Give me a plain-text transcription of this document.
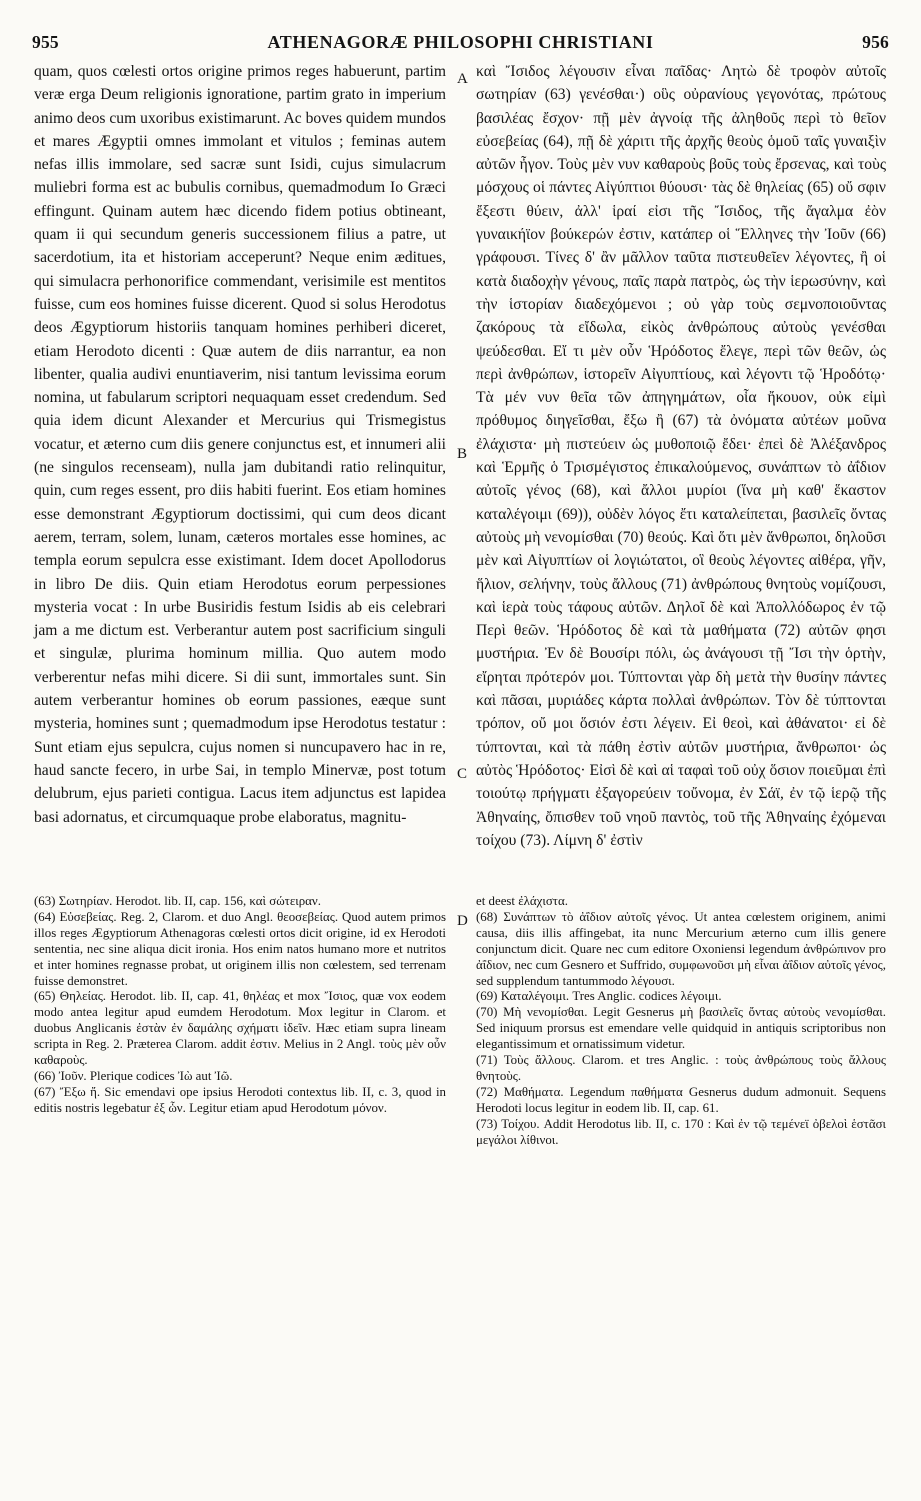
955	ATHENAGORÆ PHILOSOPHI CHRISTIANI	956

quam, quos cœlesti ortos origine primos reges habuerunt, partim veræ erga Deum religionis ignoratione, partim grato in imperium animo deos cum uxoribus existimarunt. Ac boves quidem mundos et mares Ægyptii omnes immolant et vitulos ; feminas autem nefas illis immolare, sed sacræ sunt Isidi, cujus simulacrum muliebri forma est ac bubulis cornibus, quemadmodum Io Græci effingunt. Quinam autem hæc dicendo fidem potius obtineant, quam ii qui secundum generis successionem filius a patre, ut sacerdotium, ita et historiam acceperunt? Neque enim æditues, qui simulacra perhonorifice commendant, verisimile est mentitos fuisse, cum eos homines fuisse dicerent. Quod si solus Herodotus deos Ægyptiorum historiis tanquam homines perhiberi diceret, etiam Herodoto dicenti : Quæ autem de diis narrantur, ea non libenter, qualia audivi enuntiaverim, nisi tantum levissima eorum nomina, ut fabularum scriptori nequaquam esset credendum. Sed quia idem dicunt Alexander et Mercurius qui Trismegistus vocatur, et æterno cum diis genere conjunctus est, et innumeri alii (ne singulos recenseam), nulla jam dubitandi ratio relinquitur, quin, cum reges essent, pro diis habiti fuerint. Eos etiam homines esse demonstrant Ægyptiorum doctissimi, qui cum deos dicant aerem, terram, solem, lunam, cæteros mortales esse homines, ac templa eorum sepulcra esse existimant. Idem docet Apollodorus in libro De diis. Quin etiam Herodotus eorum perpessiones mysteria vocat : In urbe Busiridis festum Isidis ab eis celebrari jam a me dictum est. Verberantur autem post sacrificium singuli et singulæ, plurima hominum millia. Quo autem modo verberentur nefas mihi dicere. Si dii sunt, immortales sunt. Sin autem verberantur homines ob eorum passiones, eæque sunt mysteria, homines sunt ; quemadmodum ipse Herodotus testatur : Sunt etiam ejus sepulcra, cujus nomen si nuncupavero hac in re, haud sancte fecero, in urbe Sai, in templo Minervæ, post totum delubrum, ejus parieti contigua. Lacus item adjunctus est lapidea basi adornatus, et circumquaque probe elaboratus, magnitu-

καὶ Ἴσιδος λέγουσιν εἶναι παῖδας· Λητὼ δὲ τροφὸν αὐτοῖς σωτηρίαν (63) γενέσθαι·) οὓς οὐρανίους γεγονότας, πρώτους βασιλέας ἔσχον· πῇ μὲν ἀγνοίᾳ τῆς ἀληθοῦς περὶ τὸ θεῖον εὐσεβείας (64), πῇ δὲ χάριτι τῆς ἀρχῆς θεοὺς ὁμοῦ ταῖς γυναιξὶν αὐτῶν ἦγον. Τοὺς μὲν νυν καθαροὺς βοῦς τοὺς ἔρσενας, καὶ τοὺς μόσχους οἱ πάντες Αἰγύπτιοι θύουσι· τὰς δὲ θηλείας (65) οὔ σφιν ἔξεστι θύειν, ἀλλ' ἱραί εἰσι τῆς Ἴσιδος, τῆς ἄγαλμα ἐὸν γυναικήϊον βούκερών ἐστιν, κατάπερ οἱ Ἕλληνες τὴν Ἰοῦν (66) γράφουσι. Τίνες δ' ἂν μᾶλλον ταῦτα πιστευθεῖεν λέγοντες, ἢ οἱ κατὰ διαδοχὴν γένους, παῖς παρὰ πατρὸς, ὡς τὴν ἱερωσύνην, καὶ τὴν ἱστορίαν διαδεχόμενοι ; οὐ γὰρ τοὺς σεμνοποιοῦντας ζακόρους τὰ εἴδωλα, εἰκὸς ἀνθρώπους αὐτοὺς γενέσθαι ψεύδεσθαι. Εἴ τι μὲν οὖν Ἡρόδοτος ἔλεγε, περὶ τῶν θεῶν, ὡς περὶ ἀνθρώπων, ἱστορεῖν Αἰγυπτίους, καὶ λέγοντι τῷ Ἡροδότῳ· Τὰ μέν νυν θεῖα τῶν ἀπηγημάτων, οἷα ἤκουον, οὐκ εἰμὶ πρόθυμος διηγεῖσθαι, ἔξω ἢ (67) τὰ ὀνόματα αὐτέων μοῦνα ἐλάχιστα· μὴ πιστεύειν ὡς μυθοποιῷ ἔδει· ἐπεὶ δὲ Ἀλέξανδρος καὶ Ἑρμῆς ὁ Τρισμέγιστος ἐπικαλούμενος, συνάπτων τὸ ἀΐδιον αὐτοῖς γένος (68), καὶ ἄλλοι μυρίοι (ἵνα μὴ καθ' ἕκαστον καταλέγοιμι (69)), οὐδὲν λόγος ἔτι καταλείπεται, βασιλεῖς ὄντας αὐτοὺς μὴ νενομίσθαι (70) θεούς. Καὶ ὅτι μὲν ἄνθρωποι, δηλοῦσι μὲν καὶ Αἰγυπτίων οἱ λογιώτατοι, οἳ θεοὺς λέγοντες αἰθέρα, γῆν, ἥλιον, σελήνην, τοὺς ἄλλους (71) ἀνθρώπους θνητοὺς νομίζουσι, καὶ ἱερὰ τοὺς τάφους αὐτῶν. Δηλοῖ δὲ καὶ Ἀπολλόδωρος ἐν τῷ Περὶ θεῶν. Ἡρόδοτος δὲ καὶ τὰ μαθήματα (72) αὐτῶν φησι μυστήρια. Ἐν δὲ Βουσίρι πόλι, ὡς ἀνάγουσι τῇ Ἴσι τὴν ὁρτὴν, εἴρηται πρότερόν μοι. Τύπτονται γὰρ δὴ μετὰ τὴν θυσίην πάντες καὶ πᾶσαι, μυριάδες κάρτα πολλαὶ ἀνθρώπων. Τὸν δὲ τύπτονται τρόπον, οὔ μοι ὅσιόν ἐστι λέγειν. Εἰ θεοὶ, καὶ ἀθάνατοι· εἰ δὲ τύπτονται, καὶ τὰ πάθη ἐστὶν αὐτῶν μυστήρια, ἄνθρωποι· ὡς αὐτὸς Ἡρόδοτος· Εἰσὶ δὲ καὶ αἱ ταφαὶ τοῦ οὐχ ὅσιον ποιεῦμαι ἐπὶ τοιούτῳ πρήγματι ἐξαγορεύειν τοὔνομα, ἐν Σάϊ, ἐν τῷ ἱερῷ τῆς Ἀθηναίης, ὄπισθεν τοῦ νηοῦ παντὸς, τοῦ τῆς Ἀθηναίης ἐχόμεναι τοίχου (73). Λίμνη δ' ἐστὶν

A
B
C
D

(63) Σωτηρίαν. Herodot. lib. II, cap. 156, καὶ σώτειραν.

(64) Εὐσεβείας. Reg. 2, Clarom. et duo Angl. θεοσεβείας. Quod autem primos illos reges Ægyptiorum Athenagoras cœlesti ortos dicit origine, id ex Herodoti sententia, nec sine aliqua dicit ironia. Hos enim natos humano more et nutritos et inter homines regnasse probat, ut originem illis non cœlestem, sed terrenam fuisse demonstret.

(65) Θηλείας. Herodot. lib. II, cap. 41, θηλέας et mox Ἴσιος, quæ vox eodem modo antea legitur apud eumdem Herodotum. Mox legitur in Clarom. et duobus Anglicanis ἐστὰν ἐν δαμάλης σχήματι ἰδεῖν. Hæc etiam supra lineam scripta in Reg. 2. Præterea Clarom. addit ἐστιν. Melius in 2 Angl. τοὺς μὲν οὖν καθαροὺς.

(66) Ἰοῦν. Plerique codices Ἰὼ aut Ἰῶ.

(67) Ἔξω ἤ. Sic emendavi ope ipsius Herodoti contextus lib. II, c. 3, quod in editis nostris legebatur ἐξ ὧν. Legitur etiam apud Herodotum μόνον.

et deest ἐλάχιστα.

(68) Συνάπτων τὸ ἀΐδιον αὐτοῖς γένος. Ut antea cœlestem originem, animi causa, diis illis affingebat, ita nunc Mercurium æterno cum illis genere conjunctum dicit. Quare nec cum editore Oxoniensi legendum ἀνθρώπινον pro ἀΐδιον, nec cum Gesnero et Suffrido, συμφωνοῦσι μὴ εἶναι ἀΐδιον αὐτοῖς γένος, sed supplendum tantummodo λέγουσι.

(69) Καταλέγοιμι. Tres Anglic. codices λέγοιμι.

(70) Μὴ νενομίσθαι. Legit Gesnerus μὴ βασιλεῖς ὄντας αὐτοὺς νενομίσθαι. Sed iniquum prorsus est emendare velle quidquid in antiquis scriptoribus non elegantissimum et ornatissimum videtur.

(71) Τοὺς ἄλλους. Clarom. et tres Anglic. : τοὺς ἀνθρώπους τοὺς ἄλλους θνητοὺς.

(72) Μαθήματα. Legendum παθήματα Gesnerus dudum admonuit. Sequens Herodoti locus legitur in eodem lib. II, cap. 61.

(73) Τοίχου. Addit Herodotus lib. II, c. 170 : Καὶ ἐν τῷ τεμένεϊ ὀβελοὶ ἑστᾶσι μεγάλοι λίθινοι.
